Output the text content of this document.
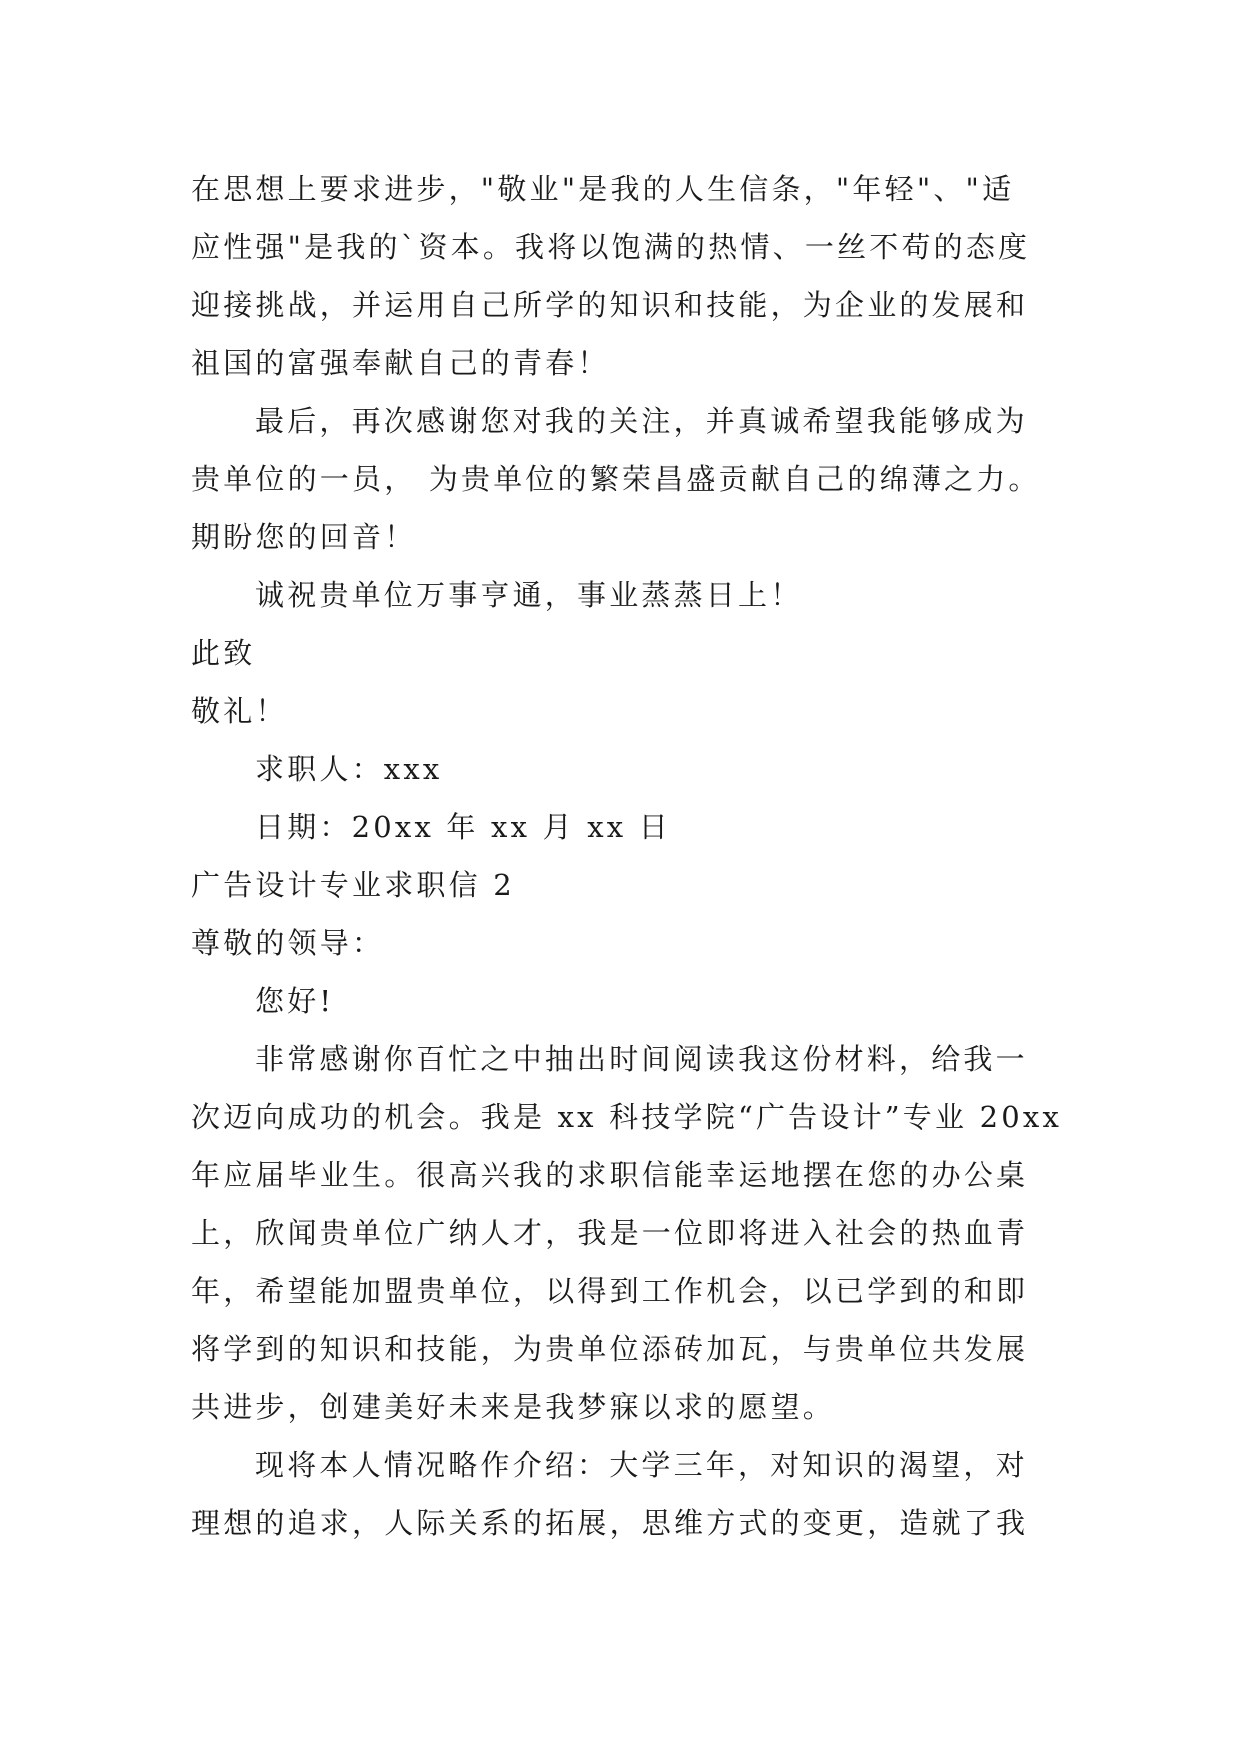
在思想上要求进步，"敬业"是我的人生信条，"年轻"、"适
应性强"是我的`资本。我将以饱满的热情、一丝不苟的态度
迎接挑战，并运用自己所学的知识和技能，为企业的发展和
祖国的富强奉献自己的青春！
最后，再次感谢您对我的关注，并真诚希望我能够成为
贵单位的一员， 为贵单位的繁荣昌盛贡献自己的绵薄之力。
期盼您的回音！
诚祝贵单位万事亨通，事业蒸蒸日上！
此致
敬礼！
求职人：xxx
日期：20xx 年 xx 月 xx 日
广告设计专业求职信 2
尊敬的领导：
您好!
非常感谢你百忙之中抽出时间阅读我这份材料，给我一
次迈向成功的机会。我是 xx 科技学院“广告设计”专业 20xx
年应届毕业生。很高兴我的求职信能幸运地摆在您的办公桌
上，欣闻贵单位广纳人才，我是一位即将进入社会的热血青
年，希望能加盟贵单位，以得到工作机会，以已学到的和即
将学到的知识和技能，为贵单位添砖加瓦，与贵单位共发展
共进步，创建美好未来是我梦寐以求的愿望。
现将本人情况略作介绍：大学三年，对知识的渴望，对
理想的追求，人际关系的拓展，思维方式的变更，造就了我
